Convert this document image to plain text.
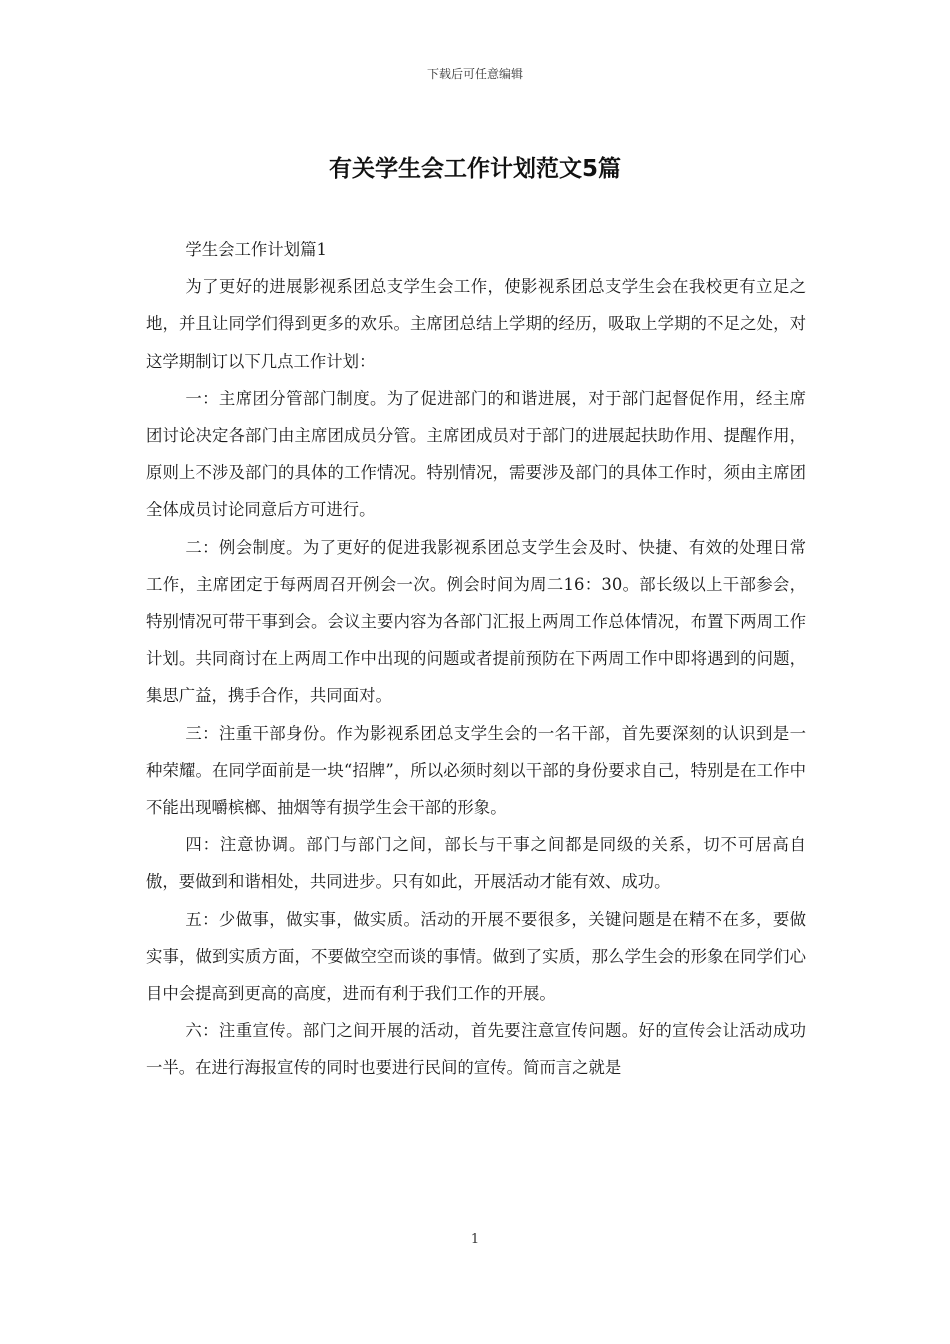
下载后可任意编辑
有关学生会工作计划范文5篇

学生会工作计划篇1

为了更好的进展影视系团总支学生会工作，使影视系团总支学生会在我校更有立足之地，并且让同学们得到更多的欢乐。主席团总结上学期的经历，吸取上学期的不足之处，对这学期制订以下几点工作计划：

一：主席团分管部门制度。为了促进部门的和谐进展，对于部门起督促作用，经主席团讨论决定各部门由主席团成员分管。主席团成员对于部门的进展起扶助作用、提醒作用，原则上不涉及部门的具体的工作情况。特别情况，需要涉及部门的具体工作时，须由主席团全体成员讨论同意后方可进行。

二：例会制度。为了更好的促进我影视系团总支学生会及时、快捷、有效的处理日常工作，主席团定于每两周召开例会一次。例会时间为周二16：30。部长级以上干部参会，特别情况可带干事到会。会议主要内容为各部门汇报上两周工作总体情况，布置下两周工作计划。共同商讨在上两周工作中出现的问题或者提前预防在下两周工作中即将遇到的问题，集思广益，携手合作，共同面对。

三：注重干部身份。作为影视系团总支学生会的一名干部，首先要深刻的认识到是一种荣耀。在同学面前是一块“招牌”，所以必须时刻以干部的身份要求自己，特别是在工作中不能出现嚼槟榔、抽烟等有损学生会干部的形象。

四：注意协调。部门与部门之间，部长与干事之间都是同级的关系，切不可居高自傲，要做到和谐相处，共同进步。只有如此，开展活动才能有效、成功。

五：少做事，做实事，做实质。活动的开展不要很多，关键问题是在精不在多，要做实事，做到实质方面，不要做空空而谈的事情。做到了实质，那么学生会的形象在同学们心目中会提高到更高的高度，进而有利于我们工作的开展。

六：注重宣传。部门之间开展的活动，首先要注意宣传问题。好的宣传会让活动成功一半。在进行海报宣传的同时也要进行民间的宣传。简而言之就是

1
